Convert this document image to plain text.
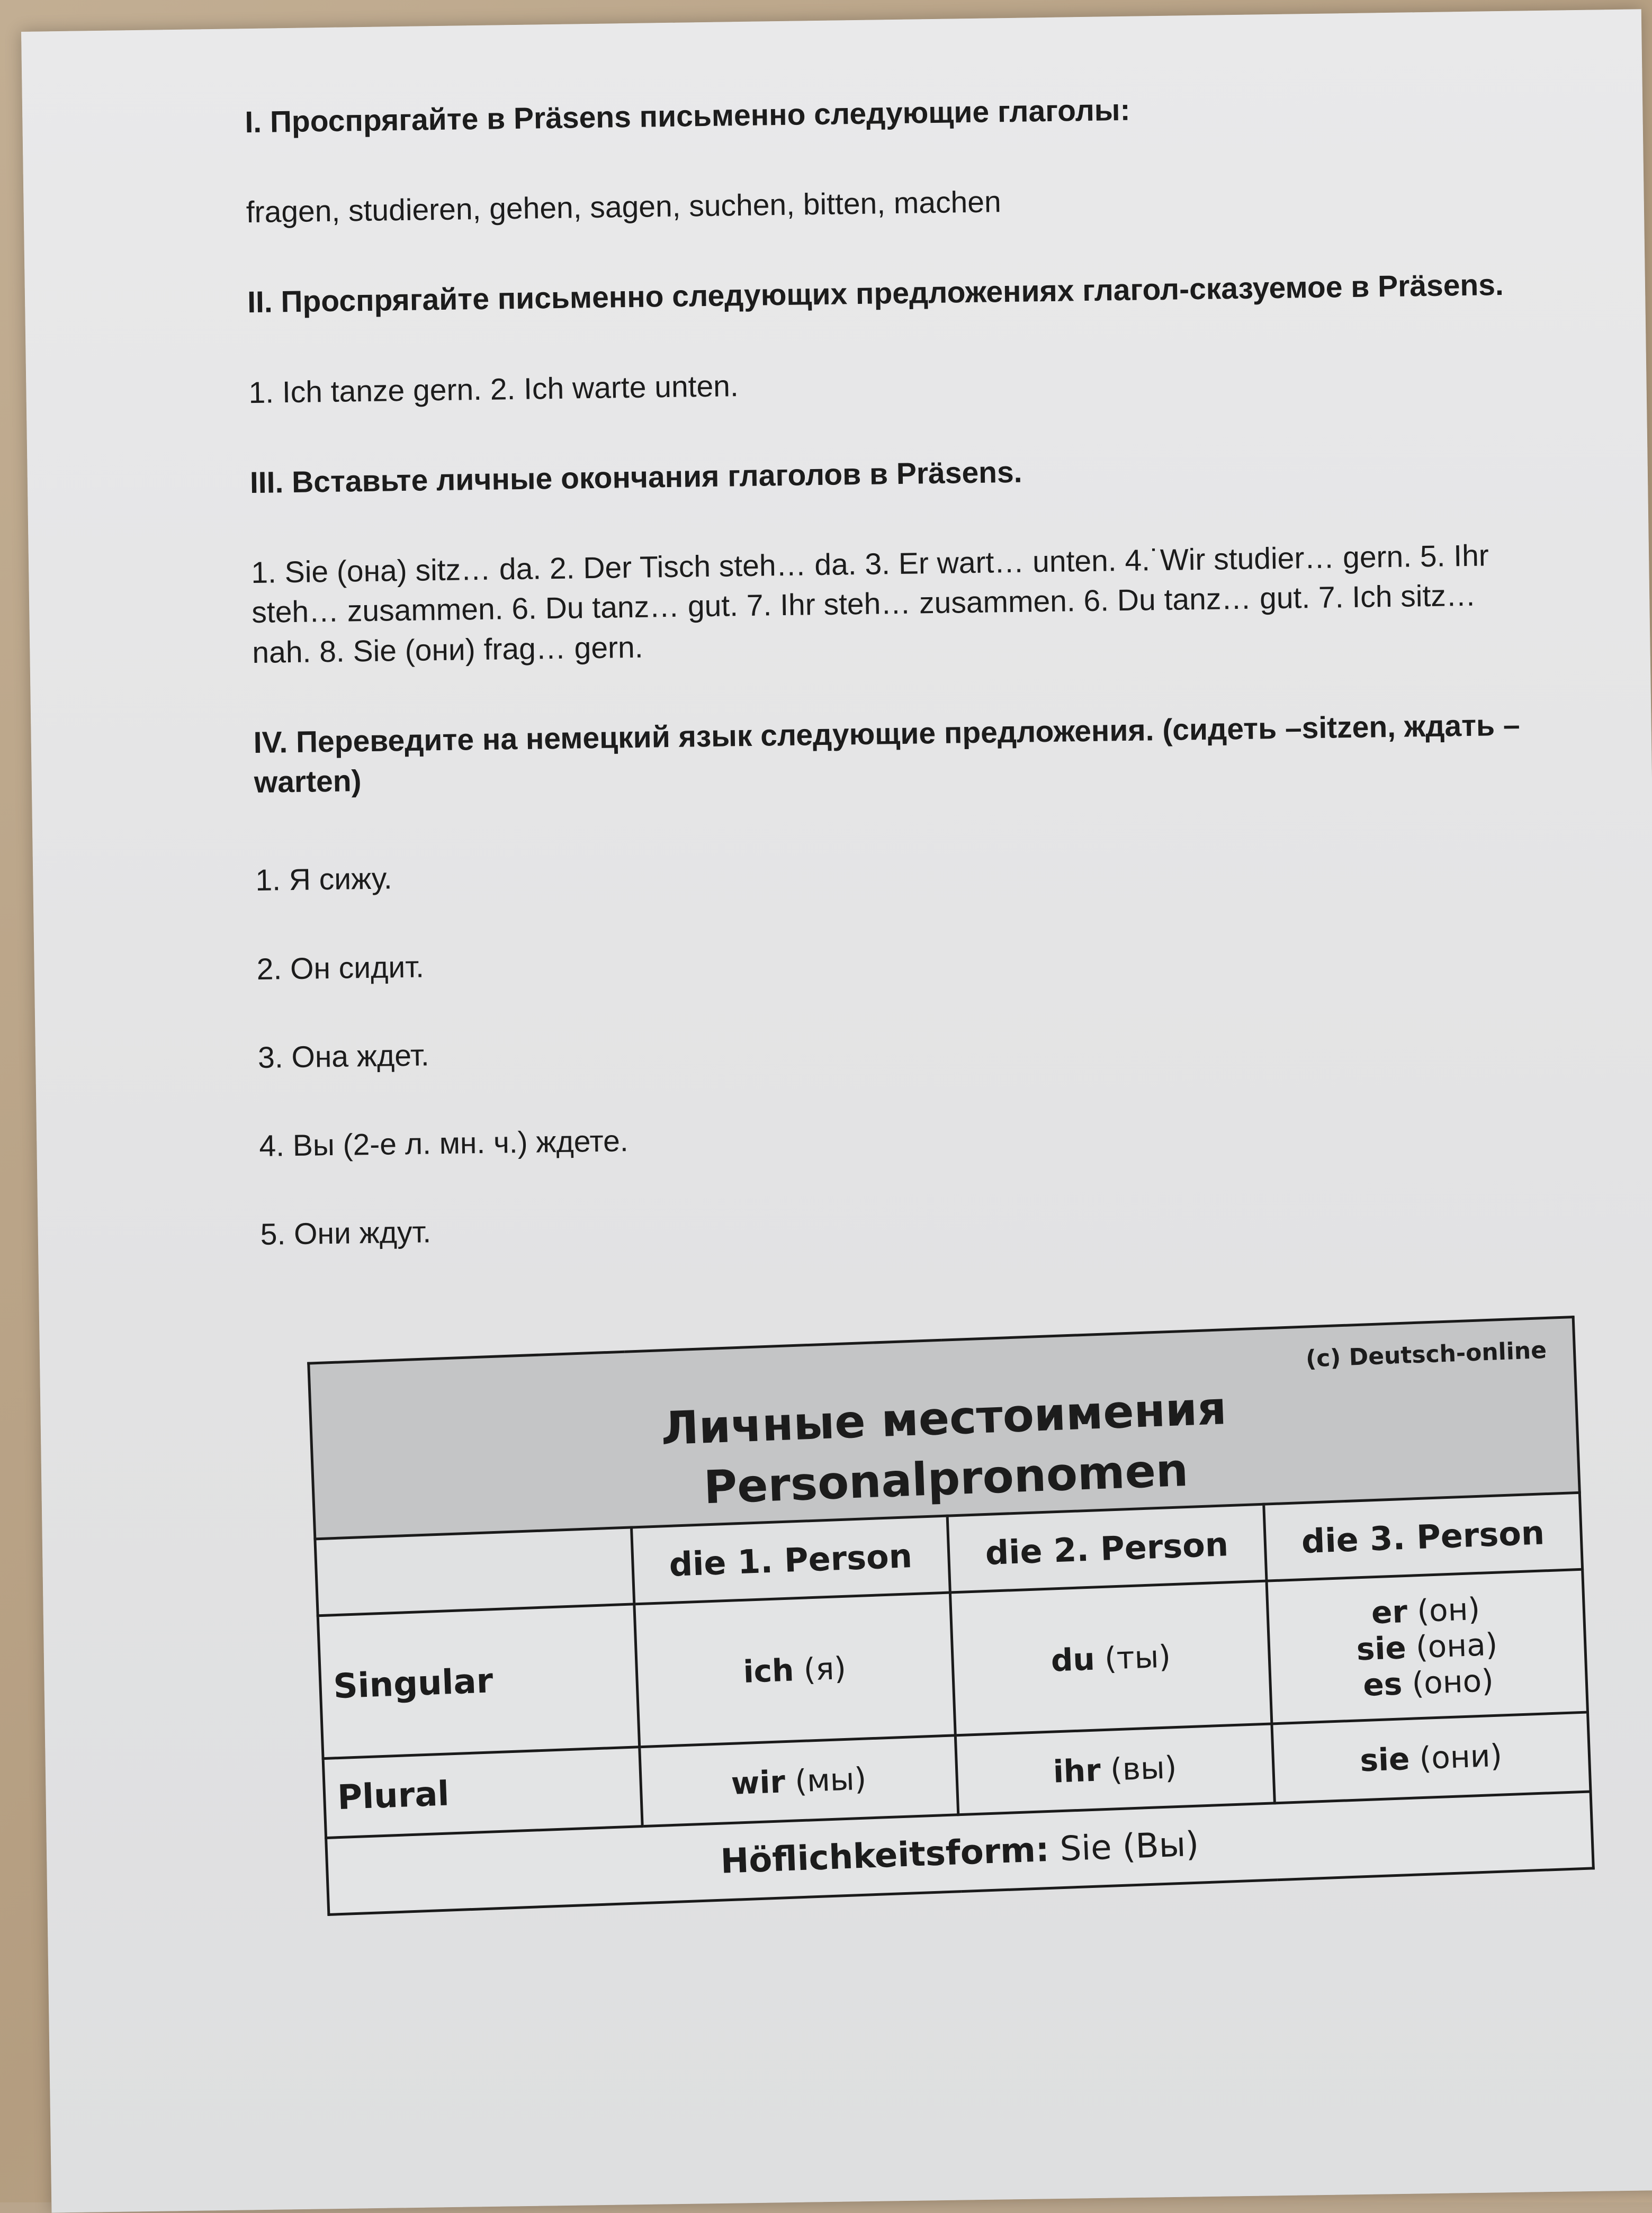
I. Проспрягайте в Präsens письменно следующие глаголы:

fragen, studieren, gehen, sagen, suchen, bitten, machen

II. Проспрягайте письменно следующих предложениях глагол-сказуемое в Präsens.

1. Ich tanze gern. 2. Ich warte unten.

III. Вставьте личные окончания глаголов в Präsens.

1. Sie (она) sitz… da. 2. Der Tisch steh… da. 3. Er wart… unten. 4.˙Wir studier… gern. 5. Ihr steh… zusammen. 6. Du tanz… gut. 7. Ihr steh… zusammen. 6. Du tanz… gut. 7. Ich sitz… nah. 8. Sie (они) frag… gern.

IV. Переведите на немецкий язык следующие предложения. (сидеть –sitzen, ждать – warten)

1. Я сижу.
2. Он сидит.
3. Она ждет.
4. Вы (2-е л. мн. ч.) ждете.
5. Они ждут.
(c) Deutsch-online
Личные местоимения
Personalpronomen			

	die 1. Person	die 2. Person	die 3. Person
Singular	ich (я)	du (ты)	er (он)
sie (она)
es (оно)

Plural	wir (мы)	ihr (вы)	sie (они)
Höflichkeitsform: Sie (Вы)			
